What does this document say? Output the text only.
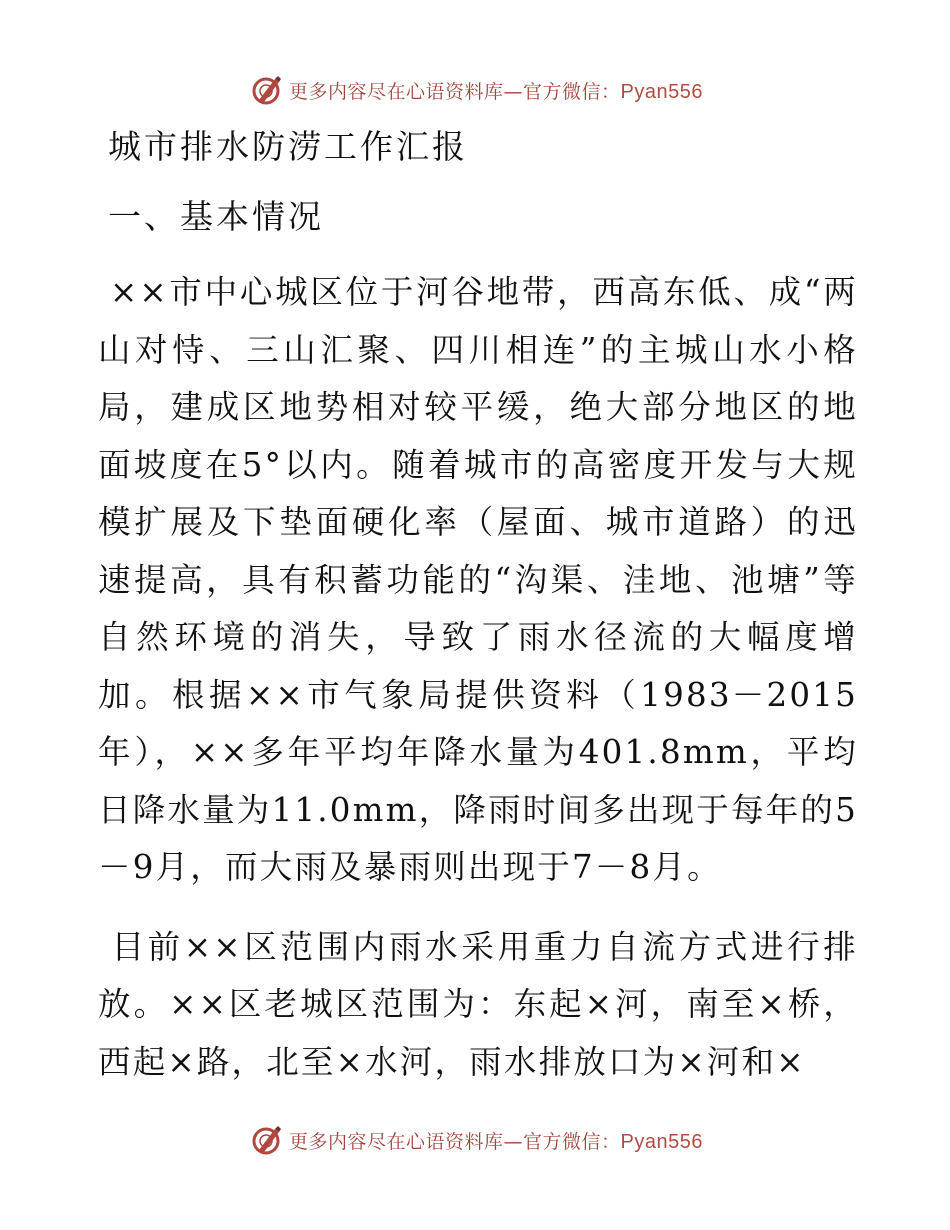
更多内容尽在心语资料库—官方微信：Pyan556
城市排水防涝工作汇报
一、基本情况

××市中心城区位于河谷地带，西高东低、成“两山对恃、三山汇聚、四川相连”的主城山水小格局，建成区地势相对较平缓，绝大部分地区的地面坡度在5°以内。随着城市的高密度开发与大规模扩展及下垫面硬化率（屋面、城市道路）的迅速提高，具有积蓄功能的“沟渠、洼地、池塘”等自然环境的消失，导致了雨水径流的大幅度增加。根据××市气象局提供资料（1983－2015年），××多年平均年降水量为401.8mm，平均日降水量为11.0mm，降雨时间多出现于每年的5－9月，而大雨及暴雨则出现于7－8月。

目前××区范围内雨水采用重力自流方式进行排放。××区老城区范围为：东起×河，南至×桥，西起×路，北至×水河，雨水排放口为×河和×

更多内容尽在心语资料库—官方微信：Pyan556
